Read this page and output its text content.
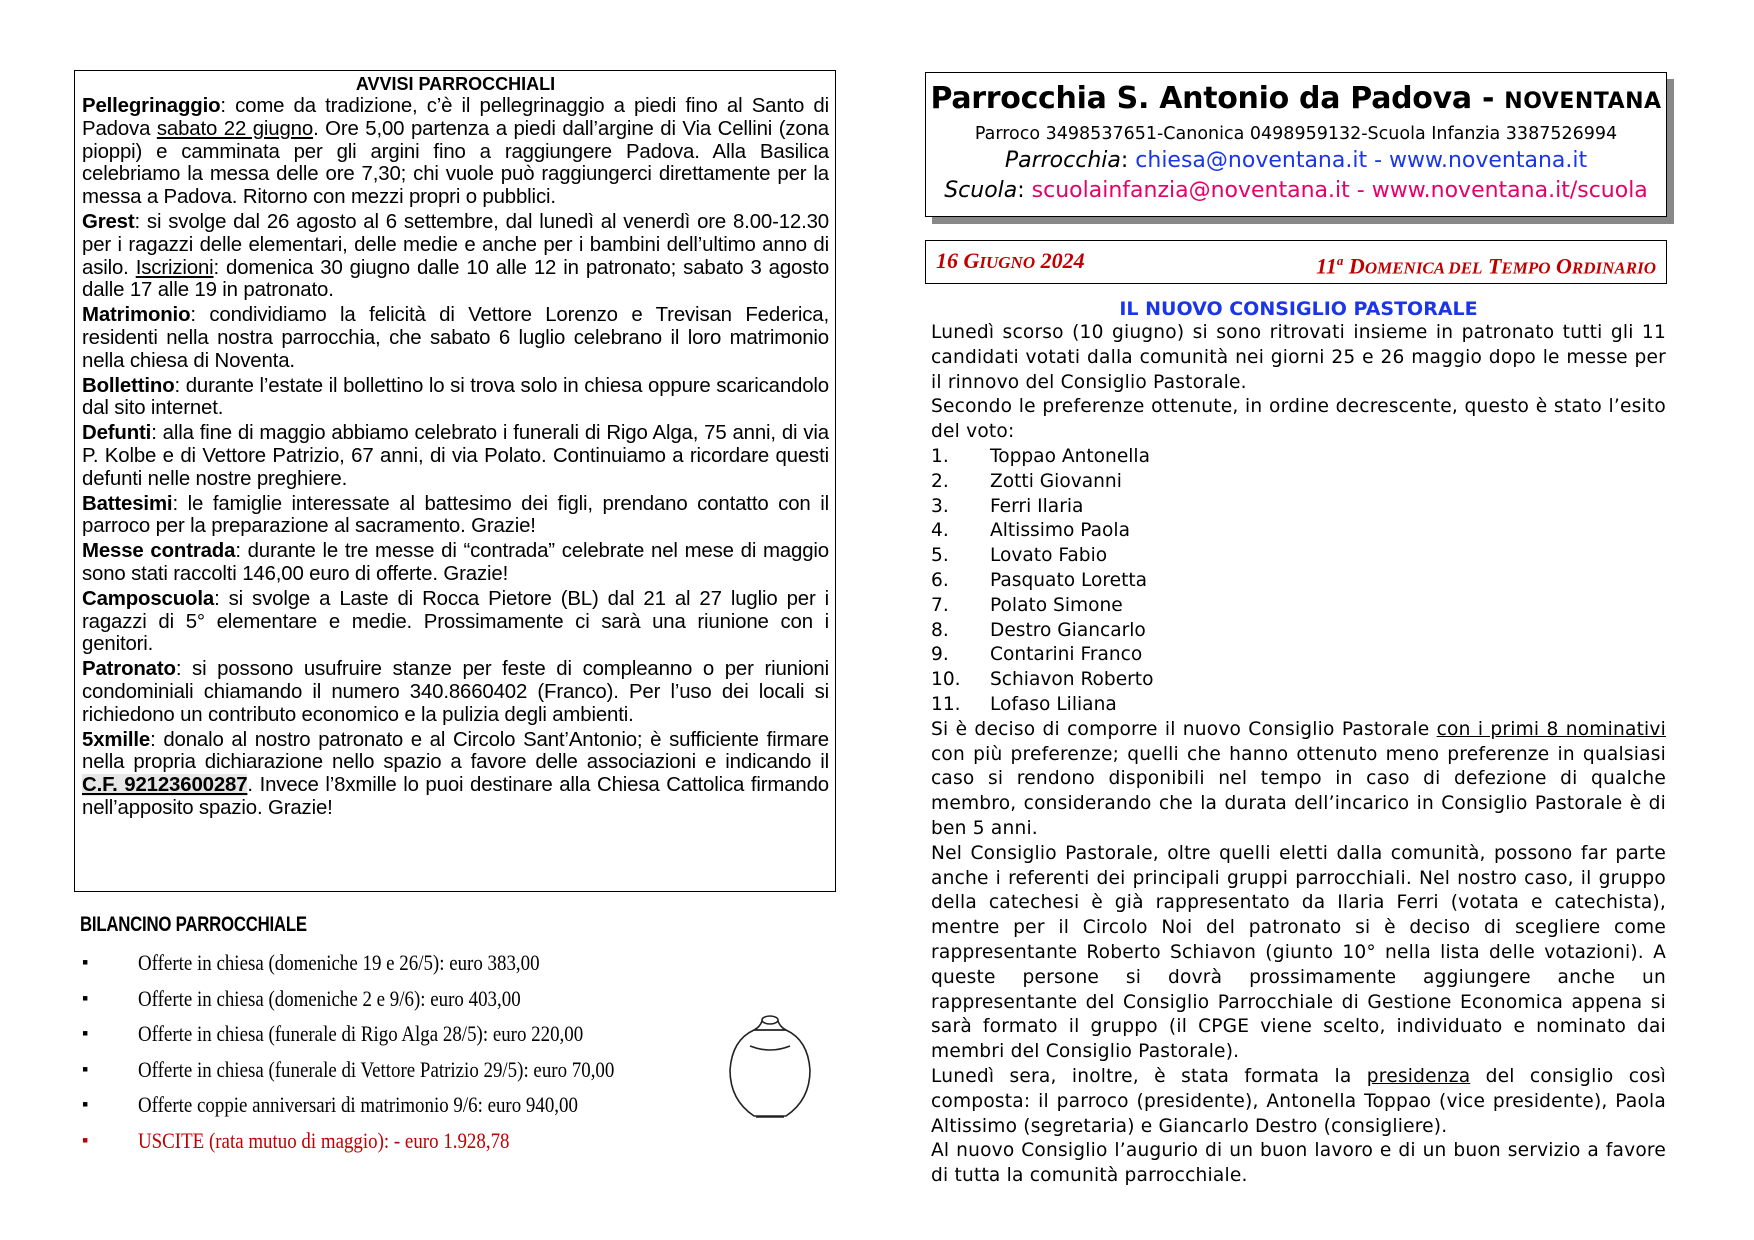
AVVISI PARROCCHIALI

Pellegrinaggio: come da tradizione, c’è il pellegrinaggio a piedi fino al Santo di Padova sabato 22 giugno. Ore 5,00 partenza a piedi dall’argine di Via Cellini (zona pioppi) e camminata per gli argini fino a raggiungere Padova. Alla Basilica celebriamo la messa delle ore 7,30; chi vuole può raggiungerci direttamente per la messa a Padova. Ritorno con mezzi propri o pubblici.

Grest: si svolge dal 26 agosto al 6 settembre, dal lunedì al venerdì ore 8.00-12.30 per i ragazzi delle elementari, delle medie e anche per i bambini dell’ultimo anno di asilo. Iscrizioni: domenica 30 giugno dalle 10 alle 12 in patronato; sabato 3 agosto dalle 17 alle 19 in patronato.

Matrimonio: condividiamo la felicità di Vettore Lorenzo e Trevisan Federica, residenti nella nostra parrocchia, che sabato 6 luglio celebrano il loro matrimonio nella chiesa di Noventa.

Bollettino: durante l’estate il bollettino lo si trova solo in chiesa oppure scaricandolo dal sito internet.

Defunti: alla fine di maggio abbiamo celebrato i funerali di Rigo Alga, 75 anni, di via P. Kolbe e di Vettore Patrizio, 67 anni, di via Polato. Continuiamo a ricordare questi defunti nelle nostre preghiere.

Battesimi: le famiglie interessate al battesimo dei figli, prendano contatto con il parroco per la preparazione al sacramento. Grazie!

Messe contrada: durante le tre messe di “contrada” celebrate nel mese di maggio sono stati raccolti 146,00 euro di offerte. Grazie!

Camposcuola: si svolge a Laste di Rocca Pietore (BL) dal 21 al 27 luglio per i ragazzi di 5° elementare e medie. Prossimamente ci sarà una riunione con i genitori.

Patronato: si possono usufruire stanze per feste di compleanno o per riunioni condominiali chiamando il numero 340.8660402 (Franco). Per l’uso dei locali si richiedono un contributo economico e la pulizia degli ambienti.

5xmille: donalo al nostro patronato e al Circolo Sant’Antonio; è sufficiente firmare nella propria dichiarazione nello spazio a favore delle associazioni e indicando il C.F. 92123600287. Invece l’8xmille lo puoi destinare alla Chiesa Cattolica firmando nell’apposito spazio. Grazie!

BILANCINO PARROCCHIALE
▪ Offerte in chiesa (domeniche 19 e 26/5): euro 383,00
▪ Offerte in chiesa (domeniche 2 e 9/6): euro 403,00
▪ Offerte in chiesa (funerale di Rigo Alga 28/5): euro 220,00
▪ Offerte in chiesa (funerale di Vettore Patrizio 29/5): euro 70,00
▪ Offerte coppie anniversari di matrimonio 9/6: euro 940,00
▪ USCITE (rata mutuo di maggio): - euro 1.928,78
Parrocchia S. Antonio da Padova - NOVENTANA
Parroco 3498537651-Canonica 0498959132-Scuola Infanzia 3387526994
Parrocchia: chiesa@noventana.it - www.noventana.it
Scuola: scuolainfanzia@noventana.it - www.noventana.it/scuola
16 GIUGNO 2024	11$^a$ DOMENICA DEL TEMPO ORDINARIO
IL NUOVO CONSIGLIO PASTORALE

Lunedì scorso (10 giugno) si sono ritrovati insieme in patronato tutti gli 11 candidati votati dalla comunità nei giorni 25 e 26 maggio dopo le messe per il rinnovo del Consiglio Pastorale.

Secondo le preferenze ottenute, in ordine decrescente, questo è stato l’esito del voto:

1. Toppao Antonella
2. Zotti Giovanni
3. Ferri Ilaria
4. Altissimo Paola
5. Lovato Fabio
6. Pasquato Loretta
7. Polato Simone
8. Destro Giancarlo
9. Contarini Franco
10. Schiavon Roberto
11. Lofaso Liliana

Si è deciso di comporre il nuovo Consiglio Pastorale con i primi 8 nominativi con più preferenze; quelli che hanno ottenuto meno preferenze in qualsiasi caso si rendono disponibili nel tempo in caso di defezione di qualche membro, considerando che la durata dell’incarico in Consiglio Pastorale è di ben 5 anni.

Nel Consiglio Pastorale, oltre quelli eletti dalla comunità, possono far parte anche i referenti dei principali gruppi parrocchiali. Nel nostro caso, il gruppo della catechesi è già rappresentato da Ilaria Ferri (votata e catechista), mentre per il Circolo Noi del patronato si è deciso di scegliere come rappresentante Roberto Schiavon (giunto 10° nella lista delle votazioni). A queste persone si dovrà prossimamente aggiungere anche un rappresentante del Consiglio Parrocchiale di Gestione Economica appena si sarà formato il gruppo (il CPGE viene scelto, individuato e nominato dai membri del Consiglio Pastorale).

Lunedì sera, inoltre, è stata formata la presidenza del consiglio così composta: il parroco (presidente), Antonella Toppao (vice presidente), Paola Altissimo (segretaria) e Giancarlo Destro (consigliere).

Al nuovo Consiglio l’augurio di un buon lavoro e di un buon servizio a favore di tutta la comunità parrocchiale.
